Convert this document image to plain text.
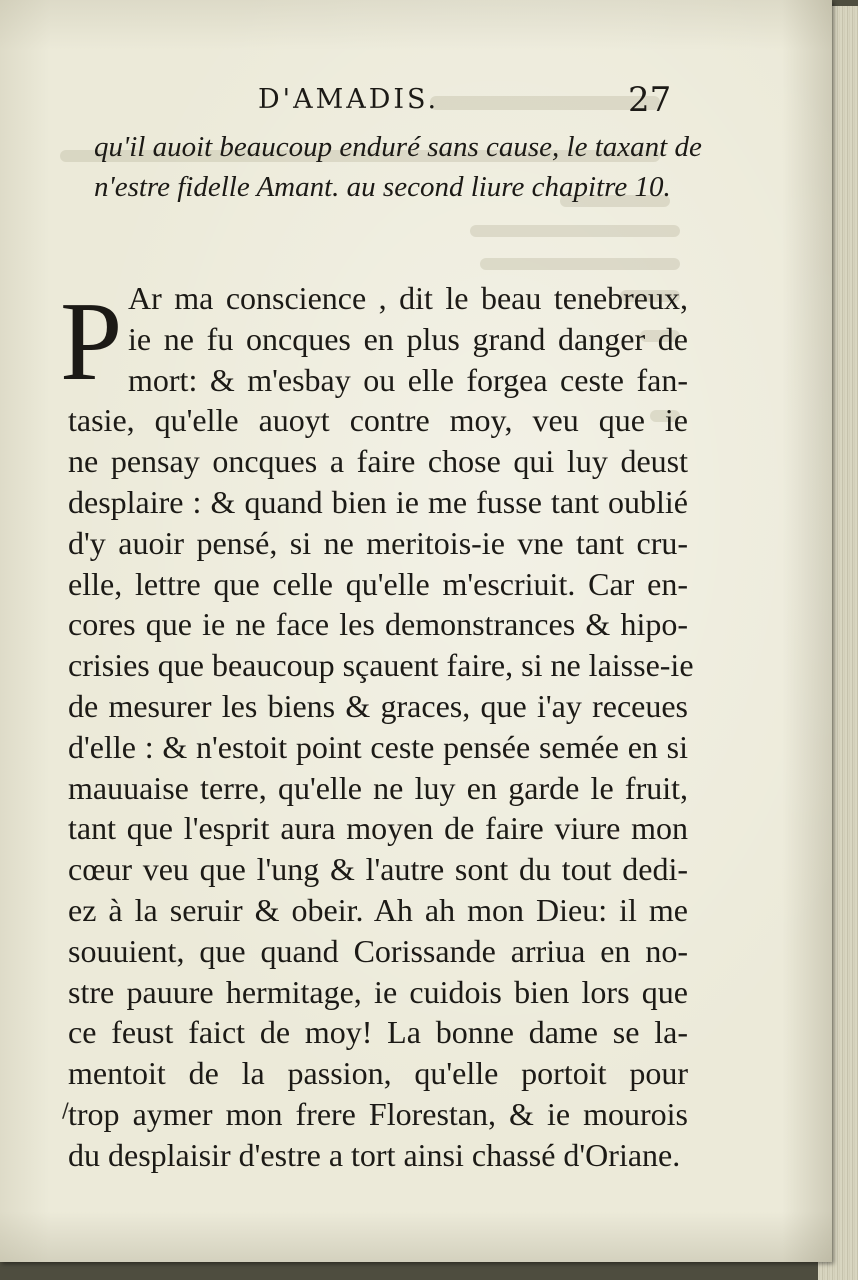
D'AMADIS.	27
qu'il auoit beaucoup enduré sans cause, le taxant de
n'estre fidelle Amant. au second liure chapitre 10.
P Ar ma conscience , dit le beau tenebreux,
ie ne fu oncques en plus grand danger de
mort: & m'esbay ou elle forgea ceste fan-
tasie, qu'elle auoyt contre moy, veu que ie
ne pensay oncques a faire chose qui luy deust
desplaire : & quand bien ie me fusse tant oublié
d'y auoir pensé, si ne meritois-ie vne tant cru-
elle, lettre que celle qu'elle m'escriuit. Car en-
cores que ie ne face les demonstrances & hipo-
crisies que beaucoup sçauent faire, si ne laisse-ie
de mesurer les biens & graces, que i'ay receues
d'elle : & n'estoit point ceste pensée semée en si
mauuaise terre, qu'elle ne luy en garde le fruit,
tant que l'esprit aura moyen de faire viure mon
cœur veu que l'ung & l'autre sont du tout dedi-
ez à la seruir & obeir. Ah ah mon Dieu: il me
souuient, que quand Corissande arriua en no-
stre pauure hermitage, ie cuidois bien lors que
ce feust faict de moy! La bonne dame se la-
mentoit de la passion, qu'elle portoit pour
trop aymer mon frere Florestan, & ie mourois
du desplaisir d'estre a tort ainsi chassé d'Oriane.
/
